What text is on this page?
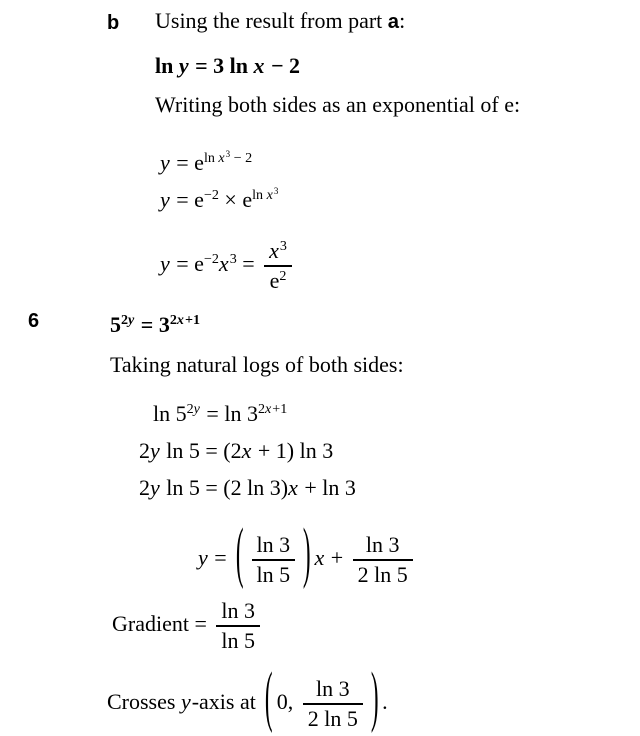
b Using the result from part a:
ln y = 3 ln x − 2
Writing both sides as an exponential of e:
y = eln x3 − 2
y = e−2 × eln x3
$y = e-2x3 = \frac{x3}{e2}$
6	52y = 32x+1
Taking natural logs of both sides:
ln 52y = ln 32x+1
2y ln 5 = (2x + 1) ln 3
2y ln 5 = (2 ln 3)x + ln 3
y = ( $\frac{\ln 3}{\ln 5}$ ) $x + \frac{\ln 3}{2 \ln 5}$
Gradient = $\frac{\ln 3}{\ln 5}$
Crosses y-axis at ( 0, $\frac{\ln 3}{2 \ln 5}$ ) .
